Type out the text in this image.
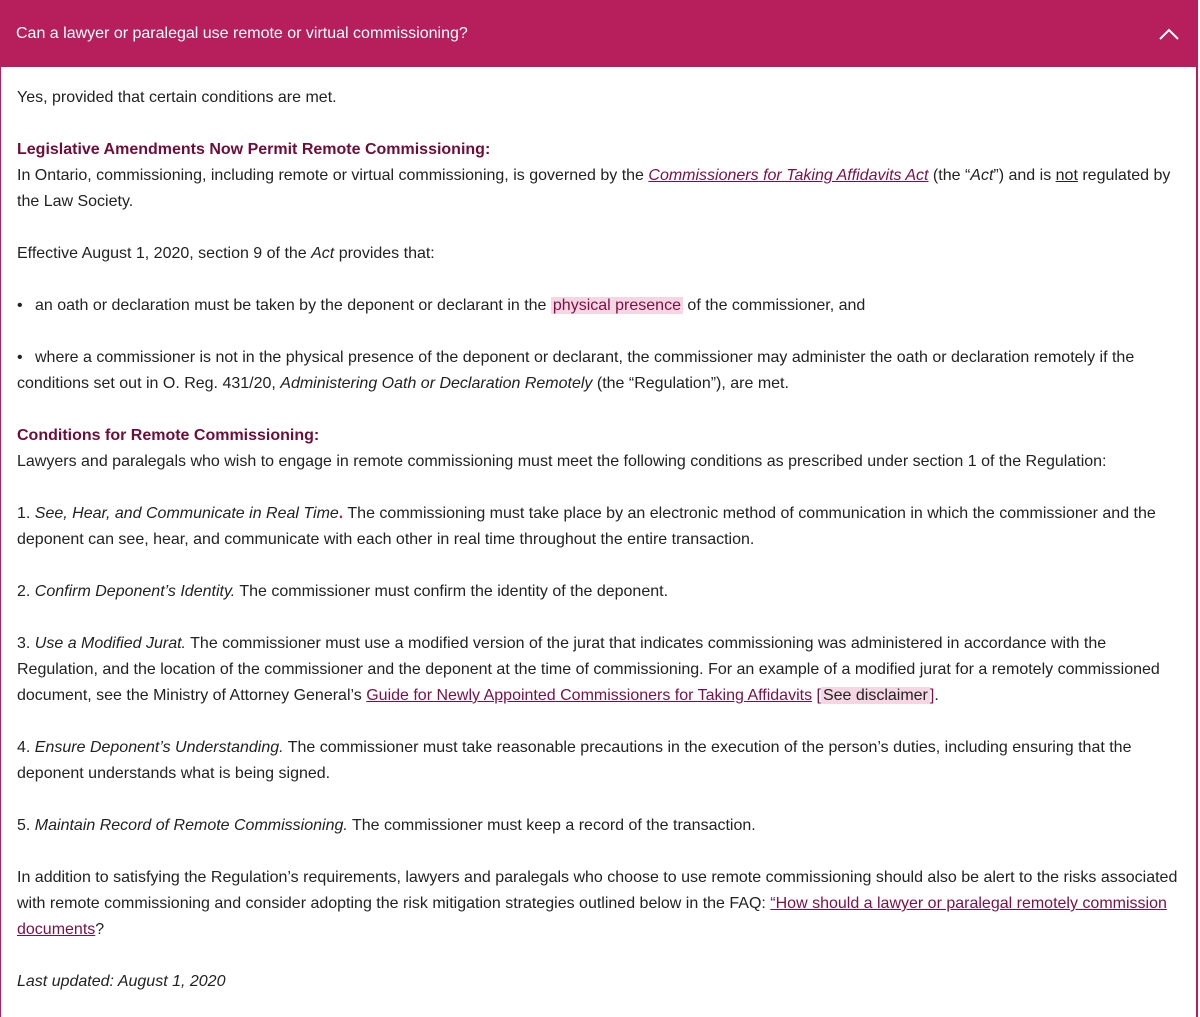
Can a lawyer or paralegal use remote or virtual commissioning?

Yes, provided that certain conditions are met.

Legislative Amendments Now Permit Remote Commissioning:
In Ontario, commissioning, including remote or virtual commissioning, is governed by the Commissioners for Taking Affidavits Act (the “Act”) and is not regulated by the Law Society.

Effective August 1, 2020, section 9 of the Act provides that:

• an oath or declaration must be taken by the deponent or declarant in the physical presence of the commissioner, and

• where a commissioner is not in the physical presence of the deponent or declarant, the commissioner may administer the oath or declaration remotely if the conditions set out in O. Reg. 431/20, Administering Oath or Declaration Remotely (the “Regulation”), are met.

Conditions for Remote Commissioning:
Lawyers and paralegals who wish to engage in remote commissioning must meet the following conditions as prescribed under section 1 of the Regulation:

1. See, Hear, and Communicate in Real Time. The commissioning must take place by an electronic method of communication in which the commissioner and the deponent can see, hear, and communicate with each other in real time throughout the entire transaction.

2. Confirm Deponent’s Identity. The commissioner must confirm the identity of the deponent.

3. Use a Modified Jurat. The commissioner must use a modified version of the jurat that indicates commissioning was administered in accordance with the Regulation, and the location of the commissioner and the deponent at the time of commissioning. For an example of a modified jurat for a remotely commissioned document, see the Ministry of Attorney General’s Guide for Newly Appointed Commissioners for Taking Affidavits [ See disclaimer ].

4. Ensure Deponent’s Understanding. The commissioner must take reasonable precautions in the execution of the person’s duties, including ensuring that the deponent understands what is being signed.

5. Maintain Record of Remote Commissioning. The commissioner must keep a record of the transaction.

In addition to satisfying the Regulation’s requirements, lawyers and paralegals who choose to use remote commissioning should also be alert to the risks associated with remote commissioning and consider adopting the risk mitigation strategies outlined below in the FAQ: “How should a lawyer or paralegal remotely commission documents?

Last updated: August 1, 2020
